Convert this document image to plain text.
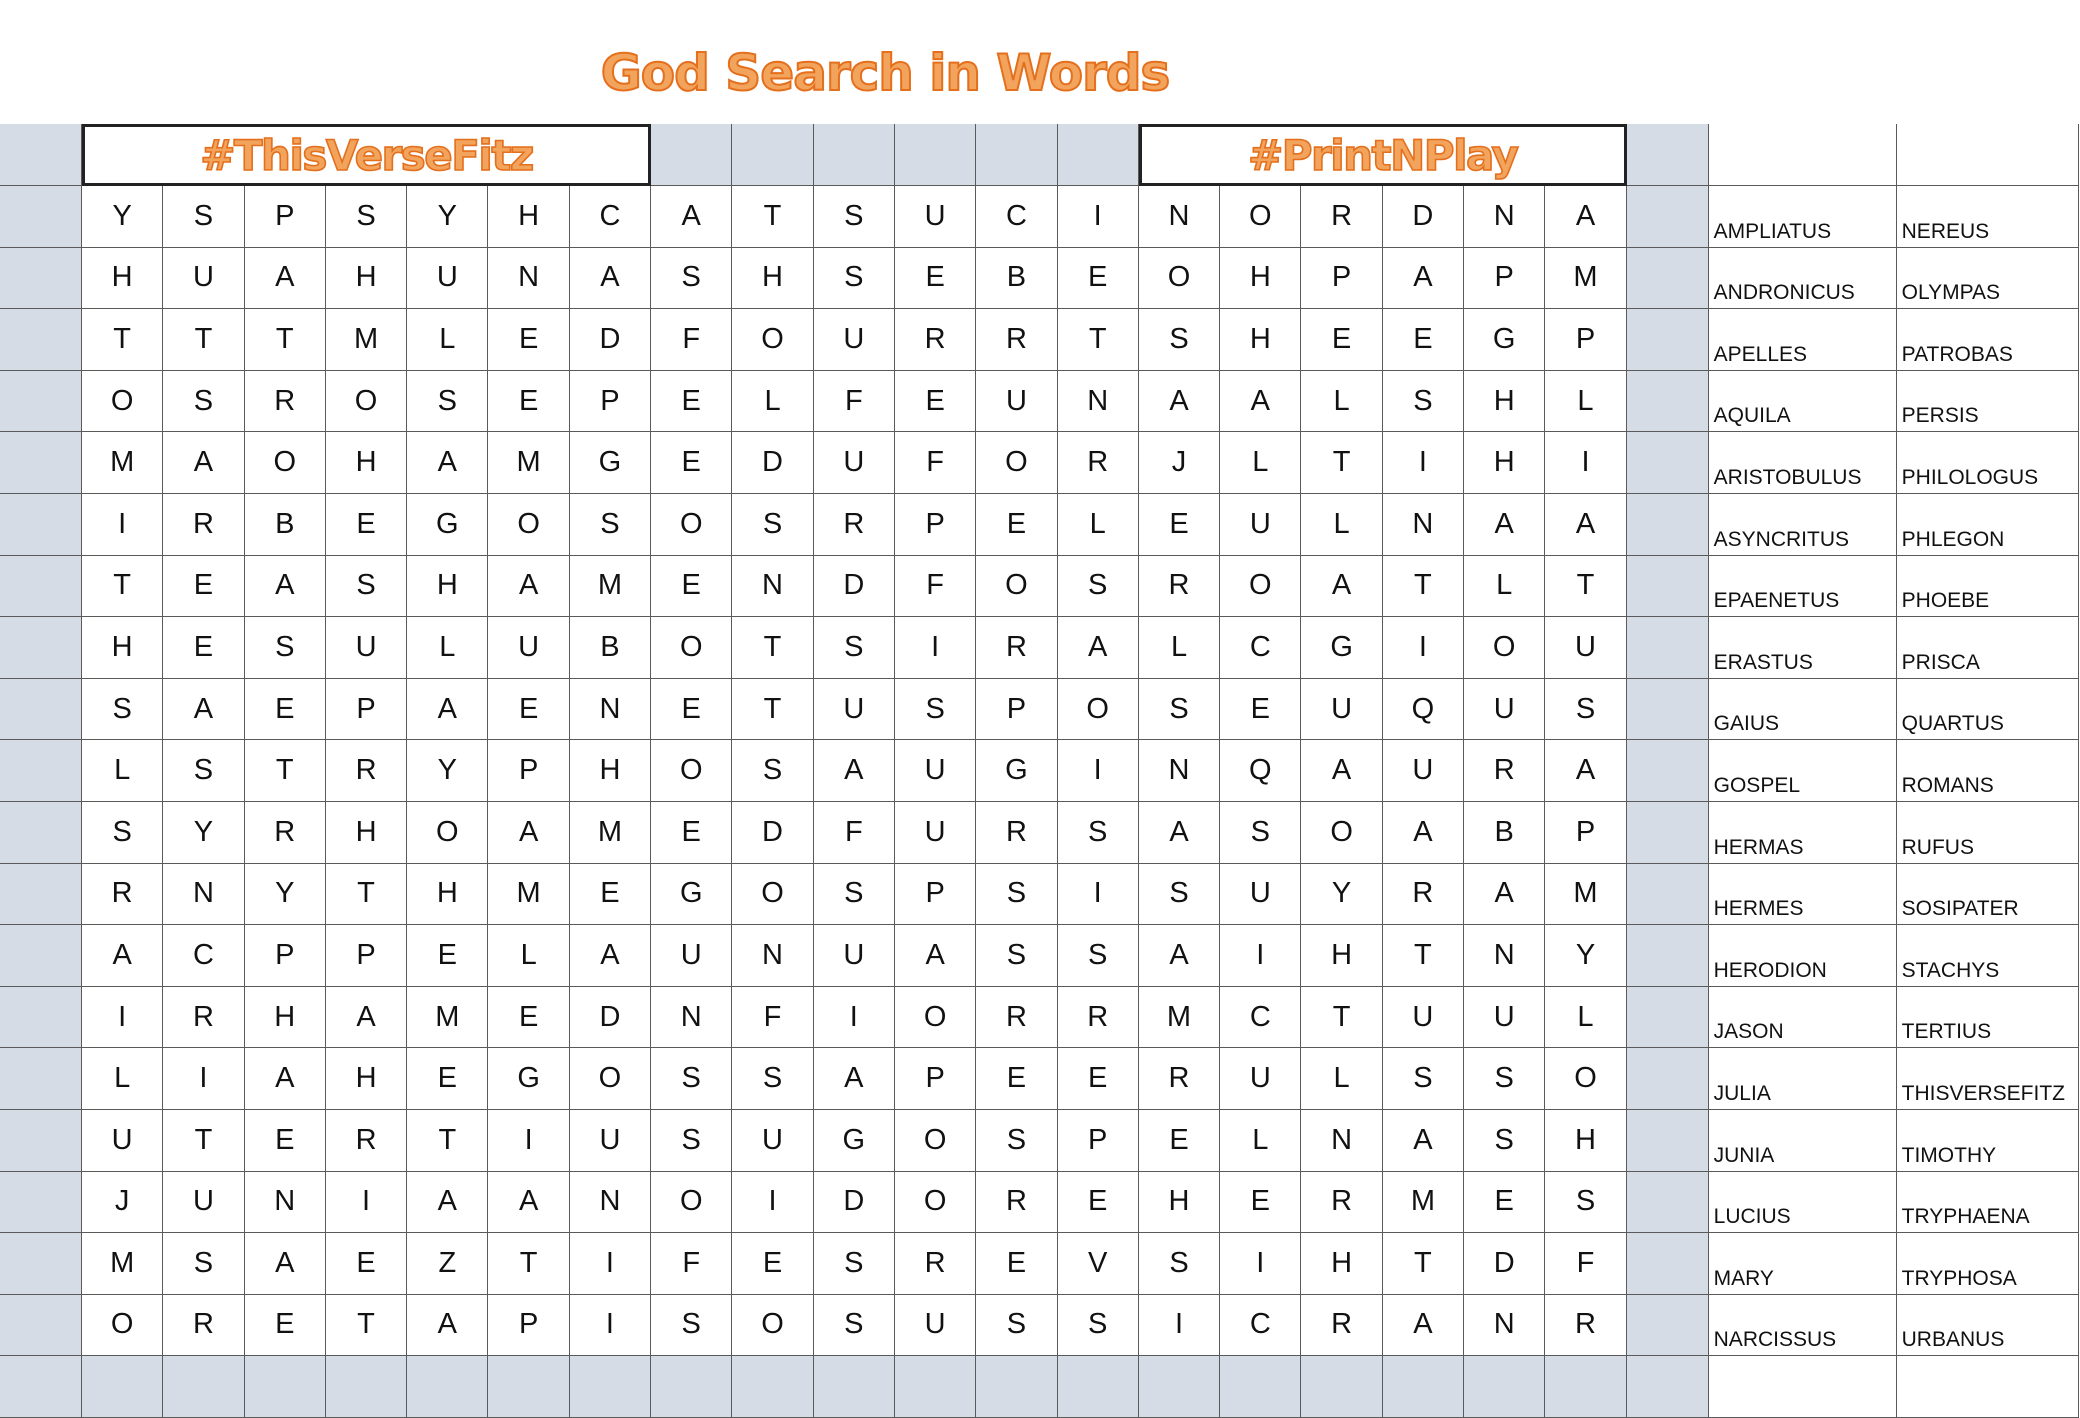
God Search in Words
#ThisVerseFitz	#PrintNPlay
Y	S	P	S	Y	H	C	A	T	S	U	C	I	N	O	R	D	N	A	AMPLIATUS	NEREUS
H	U	A	H	U	N	A	S	H	S	E	B	E	O	H	P	A	P	M	ANDRONICUS	OLYMPAS
T	T	T	M	L	E	D	F	O	U	R	R	T	S	H	E	E	G	P	APELLES	PATROBAS
O	S	R	O	S	E	P	E	L	F	E	U	N	A	A	L	S	H	L	AQUILA	PERSIS
M	A	O	H	A	M	G	E	D	U	F	O	R	J	L	T	I	H	I	ARISTOBULUS	PHILOLOGUS
I	R	B	E	G	O	S	O	S	R	P	E	L	E	U	L	N	A	A	ASYNCRITUS	PHLEGON
T	E	A	S	H	A	M	E	N	D	F	O	S	R	O	A	T	L	T	EPAENETUS	PHOEBE
H	E	S	U	L	U	B	O	T	S	I	R	A	L	C	G	I	O	U	ERASTUS	PRISCA
S	A	E	P	A	E	N	E	T	U	S	P	O	S	E	U	Q	U	S	GAIUS	QUARTUS
L	S	T	R	Y	P	H	O	S	A	U	G	I	N	Q	A	U	R	A	GOSPEL	ROMANS
S	Y	R	H	O	A	M	E	D	F	U	R	S	A	S	O	A	B	P	HERMAS	RUFUS
R	N	Y	T	H	M	E	G	O	S	P	S	I	S	U	Y	R	A	M	HERMES	SOSIPATER
A	C	P	P	E	L	A	U	N	U	A	S	S	A	I	H	T	N	Y	HERODION	STACHYS
I	R	H	A	M	E	D	N	F	I	O	R	R	M	C	T	U	U	L	JASON	TERTIUS
L	I	A	H	E	G	O	S	S	A	P	E	E	R	U	L	S	S	O	JULIA	THISVERSEFITZ
U	T	E	R	T	I	U	S	U	G	O	S	P	E	L	N	A	S	H	JUNIA	TIMOTHY
J	U	N	I	A	A	N	O	I	D	O	R	E	H	E	R	M	E	S	LUCIUS	TRYPHAENA
M	S	A	E	Z	T	I	F	E	S	R	E	V	S	I	H	T	D	F	MARY	TRYPHOSA
O	R	E	T	A	P	I	S	O	S	U	S	S	I	C	R	A	N	R	NARCISSUS	URBANUS
